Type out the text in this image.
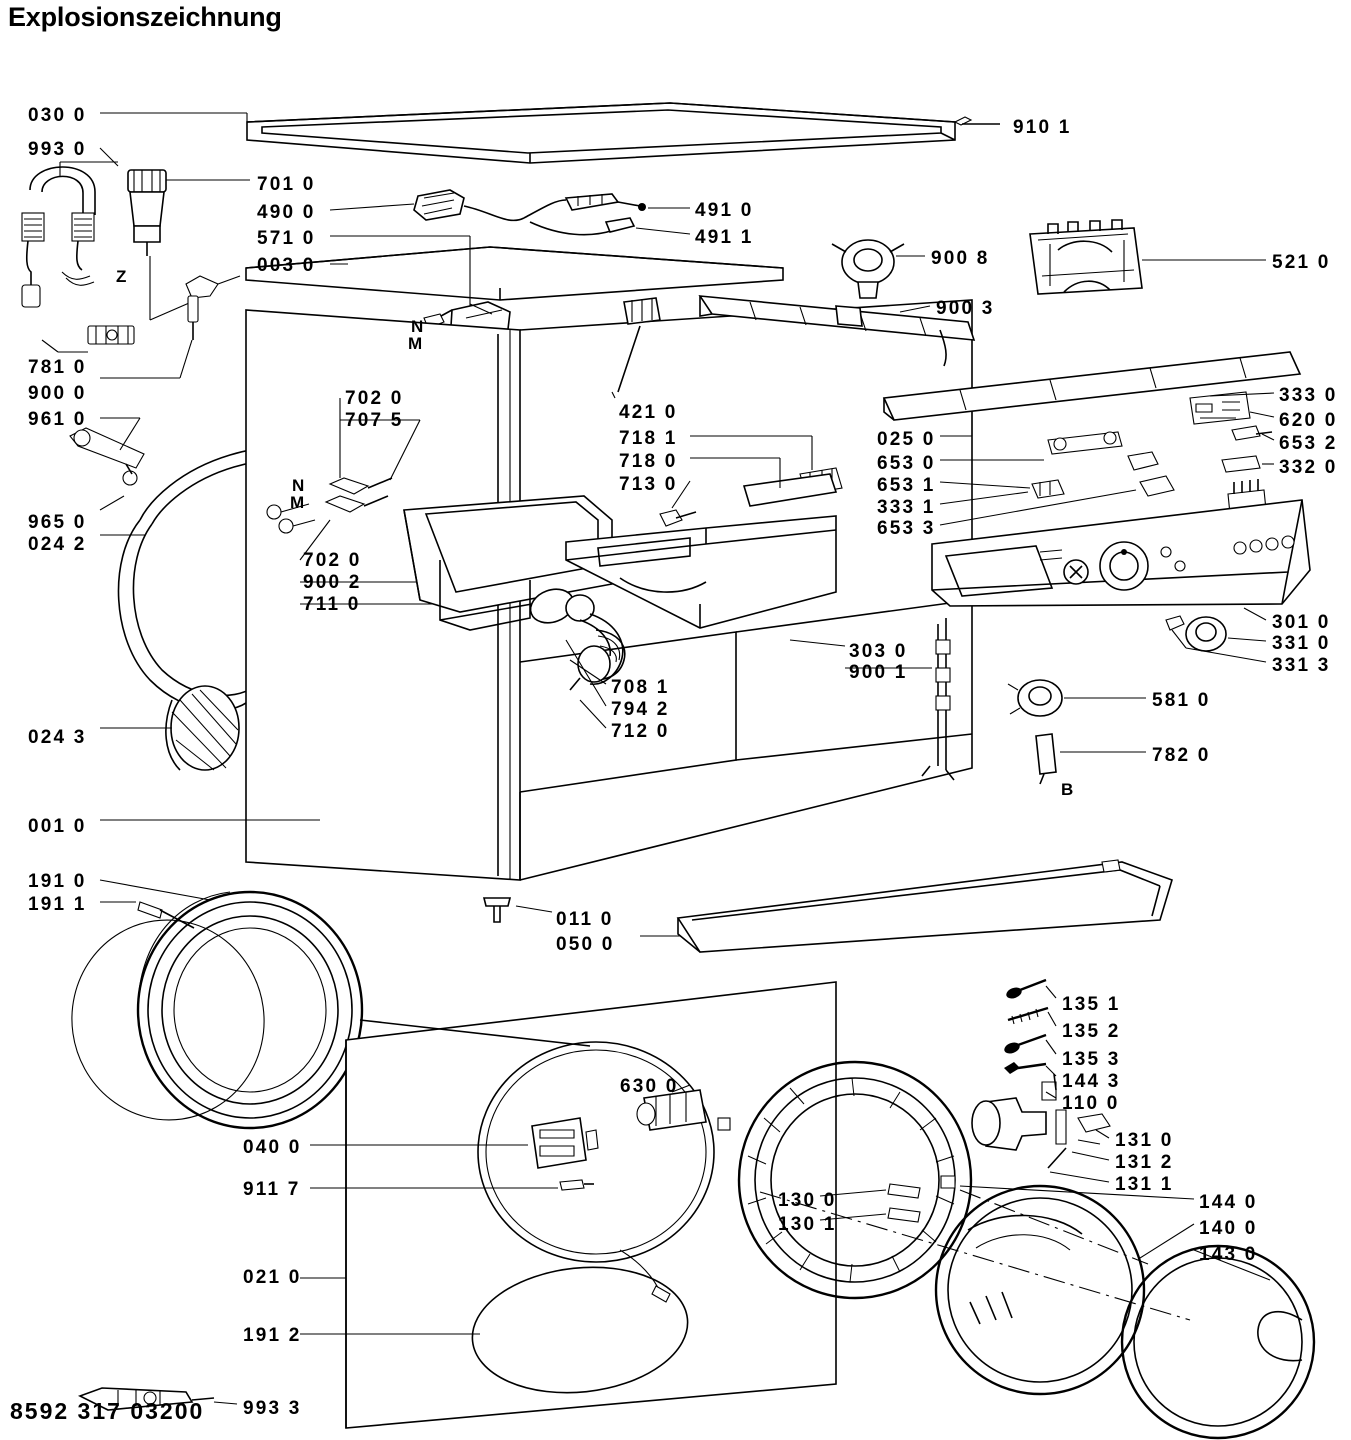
Explosionszeichnung
030 0
993 0
910 1
701 0
490 0	491 0
571 0	491 1
003 0	900 8	521 0
900 3
781 0
333 0
900 0	702 0
707 5	421 0	620 0
961 0
025 0
718 1	653 2
653 0
718 0	332 0
653 1
713 0
333 1
965 0	653 3
024 2
702 0
900 2
711 0
301 0
303 0	331 0
900 1	331 3
708 1
581 0
794 2
712 0
024 3
782 0
001 0
191 0
191 1
011 0
050 0
135 1
135 2
135 3
144 3
630 0
110 0
131 0
040 0
131 2
911 7	131 1
130 0	144 0
130 1	140 0
143 0
021 0
191 2
993 3
Z
N
M
N
M
B
8592 317 03200
